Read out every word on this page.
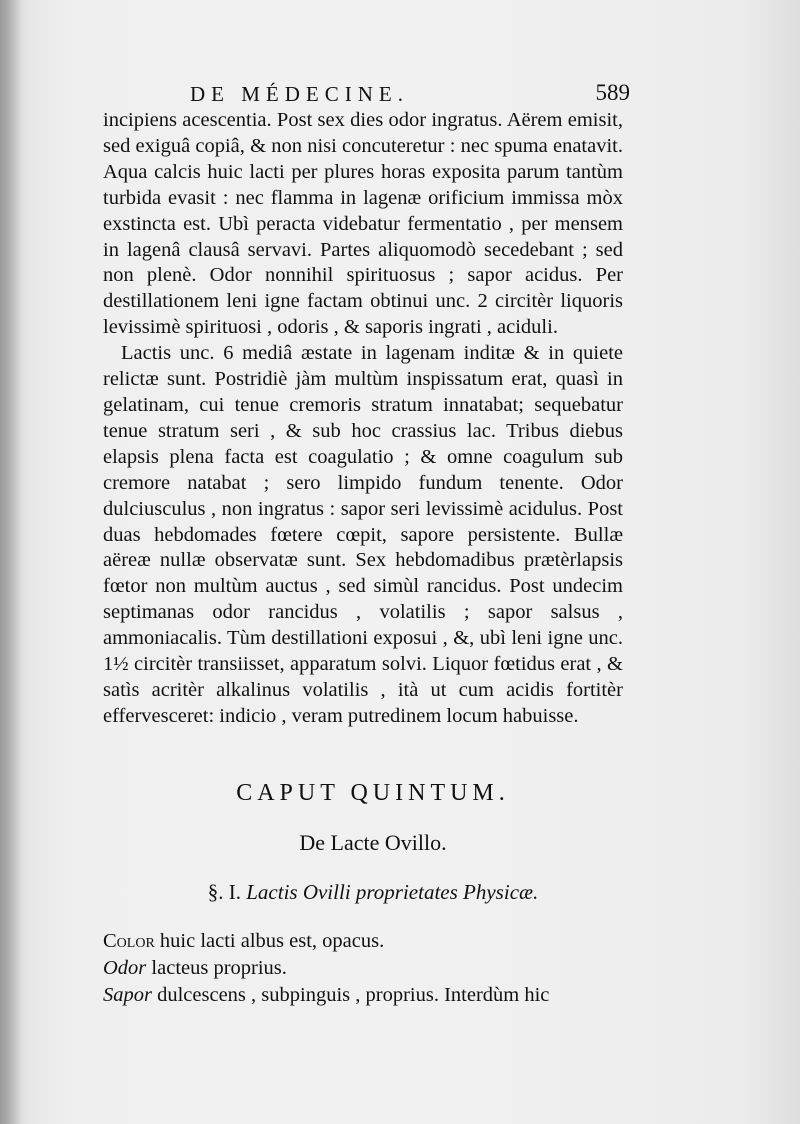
DE MÉDECINE.	589

incipiens acescentia. Post sex dies odor ingratus. Aërem emisit, sed exiguâ copiâ, & non nisi concuteretur : nec spuma enatavit. Aqua calcis huic lacti per plures horas exposita parum tantùm turbida evasit : nec flamma in lagenæ orificium immissa mòx exstincta est. Ubì peracta videbatur fermentatio , per mensem in lagenâ clausâ servavi. Partes aliquomodò secedebant ; sed non plenè. Odor nonnihil spirituosus ; sapor acidus. Per destillationem leni igne factam obtinui unc. 2 circitèr liquoris levissimè spirituosi , odoris , & saporis ingrati , aciduli.

Lactis unc. 6 mediâ æstate in lagenam inditæ & in quiete relictæ sunt. Postridiè jàm multùm inspissatum erat, quasì in gelatinam, cui tenue cremoris stratum innatabat; sequebatur tenue stratum seri , & sub hoc crassius lac. Tribus diebus elapsis plena facta est coagulatio ; & omne coagulum sub cremore natabat ; sero limpido fundum tenente. Odor dulciusculus , non ingratus : sapor seri levissimè acidulus. Post duas hebdomades fœtere cœpit, sapore persistente. Bullæ aëreæ nullæ observatæ sunt. Sex hebdomadibus prætèrlapsis fœtor non multùm auctus , sed simùl rancidus. Post undecim septimanas odor rancidus , volatilis ; sapor salsus , ammoniacalis. Tùm destillationi exposui , &, ubì leni igne unc. 1½ circitèr transiisset, apparatum solvi. Liquor fœtidus erat , & satìs acritèr alkalinus volatilis , ità ut cum acidis fortitèr effervesceret: indicio , veram putredinem locum habuisse.

CAPUT QUINTUM.
De Lacte Ovillo.
§. I. Lactis Ovilli proprietates Physicæ.

Color huic lacti albus est, opacus.

Odor lacteus proprius.

Sapor dulcescens , subpinguis , proprius. Interdùm hic
